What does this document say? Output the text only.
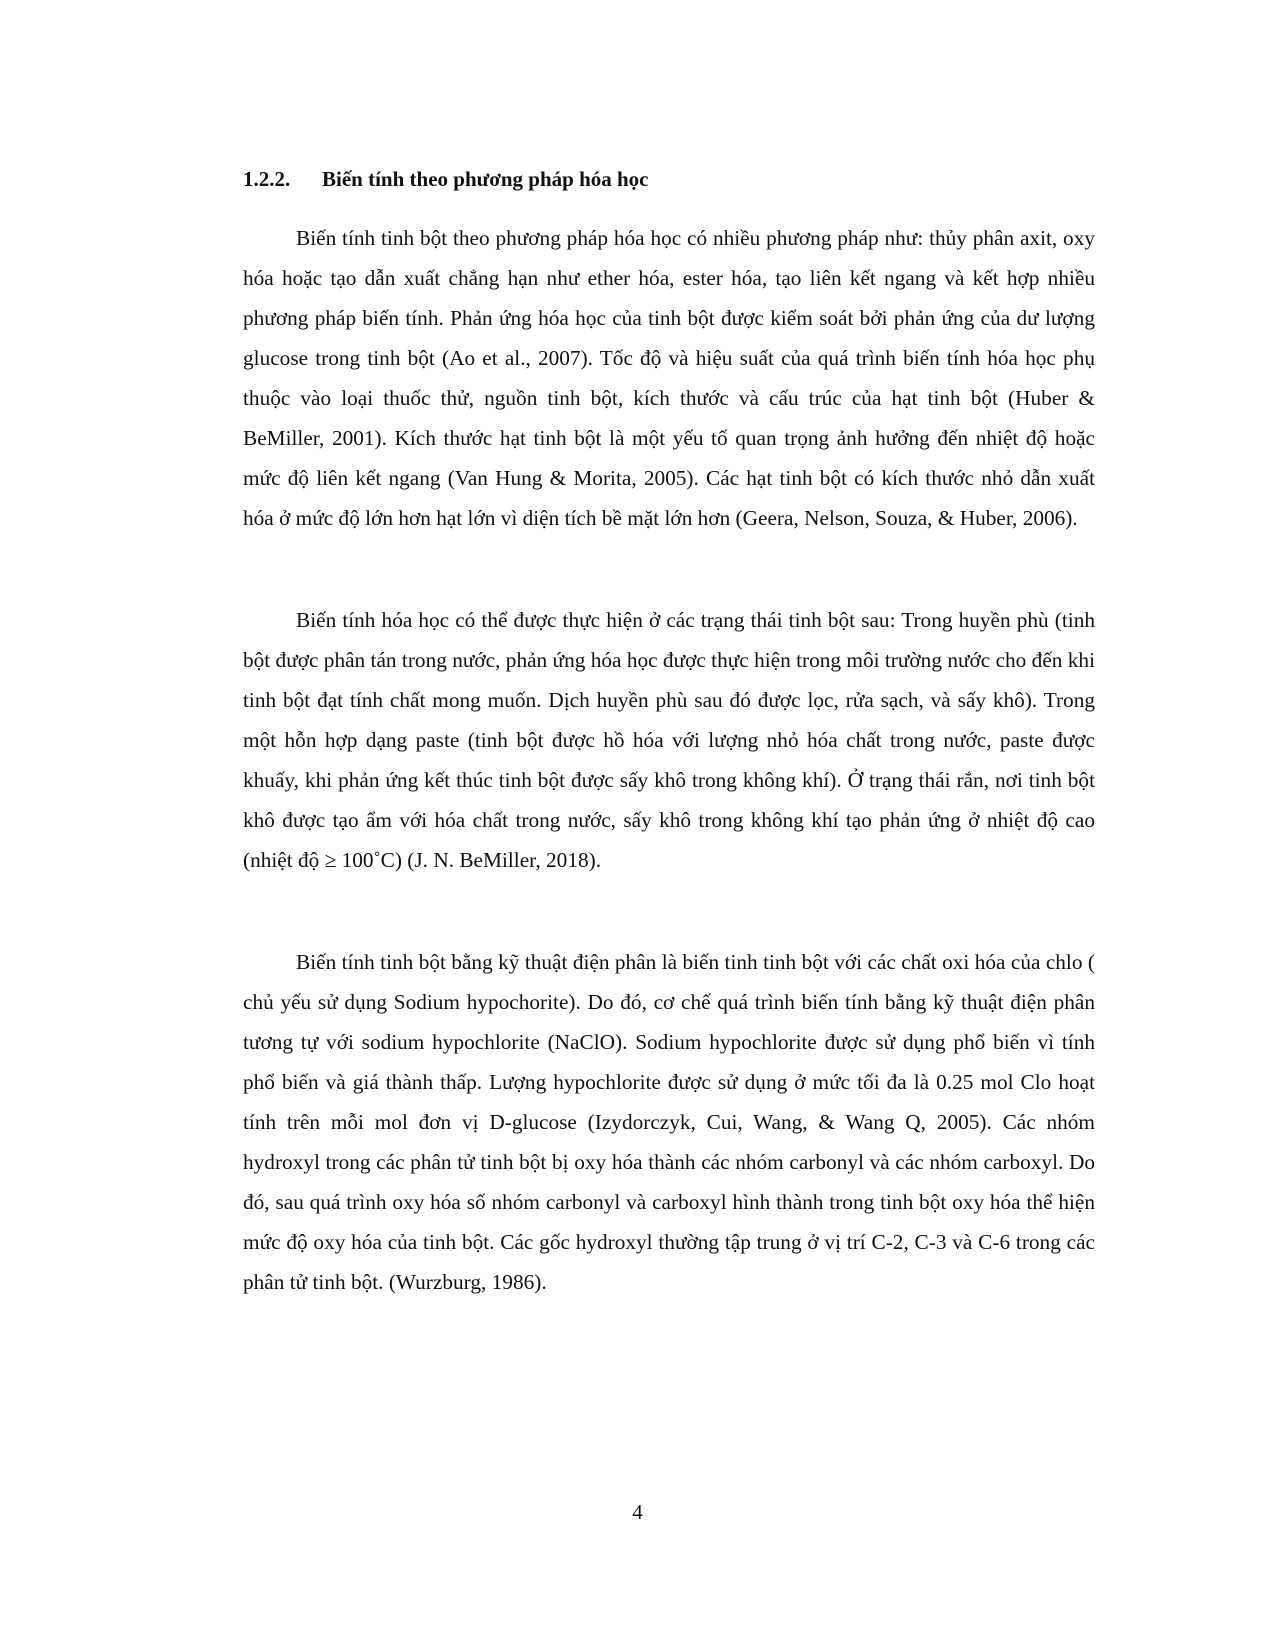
1.2.2. Biến tính theo phương pháp hóa học

Biến tính tinh bột theo phương pháp hóa học có nhiều phương pháp như: thủy phân axit, oxy hóa hoặc tạo dẫn xuất chẳng hạn như ether hóa, ester hóa, tạo liên kết ngang và kết hợp nhiều phương pháp biến tính. Phản ứng hóa học của tinh bột được kiểm soát bởi phản ứng của dư lượng glucose trong tinh bột (Ao et al., 2007). Tốc độ và hiệu suất của quá trình biến tính hóa học phụ thuộc vào loại thuốc thử, nguồn tinh bột, kích thước và cấu trúc của hạt tinh bột (Huber & BeMiller, 2001). Kích thước hạt tinh bột là một yếu tố quan trọng ảnh hưởng đến nhiệt độ hoặc mức độ liên kết ngang (Van Hung & Morita, 2005). Các hạt tinh bột có kích thước nhỏ dẫn xuất hóa ở mức độ lớn hơn hạt lớn vì diện tích bề mặt lớn hơn (Geera, Nelson, Souza, & Huber, 2006).

Biến tính hóa học có thể được thực hiện ở các trạng thái tinh bột sau: Trong huyền phù (tinh bột được phân tán trong nước, phản ứng hóa học được thực hiện trong môi trường nước cho đến khi tinh bột đạt tính chất mong muốn. Dịch huyền phù sau đó được lọc, rửa sạch, và sấy khô). Trong một hỗn hợp dạng paste (tinh bột được hồ hóa với lượng nhỏ hóa chất trong nước, paste được khuấy, khi phản ứng kết thúc tinh bột được sấy khô trong không khí). Ở trạng thái rắn, nơi tinh bột khô được tạo ẩm với hóa chất trong nước, sấy khô trong không khí tạo phản ứng ở nhiệt độ cao (nhiệt độ ≥ 100˚C) (J. N. BeMiller, 2018).

Biến tính tinh bột bằng kỹ thuật điện phân là biến tinh tinh bột với các chất oxi hóa của chlo ( chủ yếu sử dụng Sodium hypochorite). Do đó, cơ chế quá trình biến tính bằng kỹ thuật điện phân tương tự với sodium hypochlorite (NaClO). Sodium hypochlorite được sử dụng phổ biến vì tính phổ biến và giá thành thấp. Lượng hypochlorite được sử dụng ở mức tối đa là 0.25 mol Clo hoạt tính trên mỗi mol đơn vị D-glucose (Izydorczyk, Cui, Wang, & Wang Q, 2005). Các nhóm hydroxyl trong các phân tử tinh bột bị oxy hóa thành các nhóm carbonyl và các nhóm carboxyl. Do đó, sau quá trình oxy hóa số nhóm carbonyl và carboxyl hình thành trong tinh bột oxy hóa thể hiện mức độ oxy hóa của tinh bột. Các gốc hydroxyl thường tập trung ở vị trí C-2, C-3 và C-6 trong các phân tử tinh bột. (Wurzburg, 1986).

4
